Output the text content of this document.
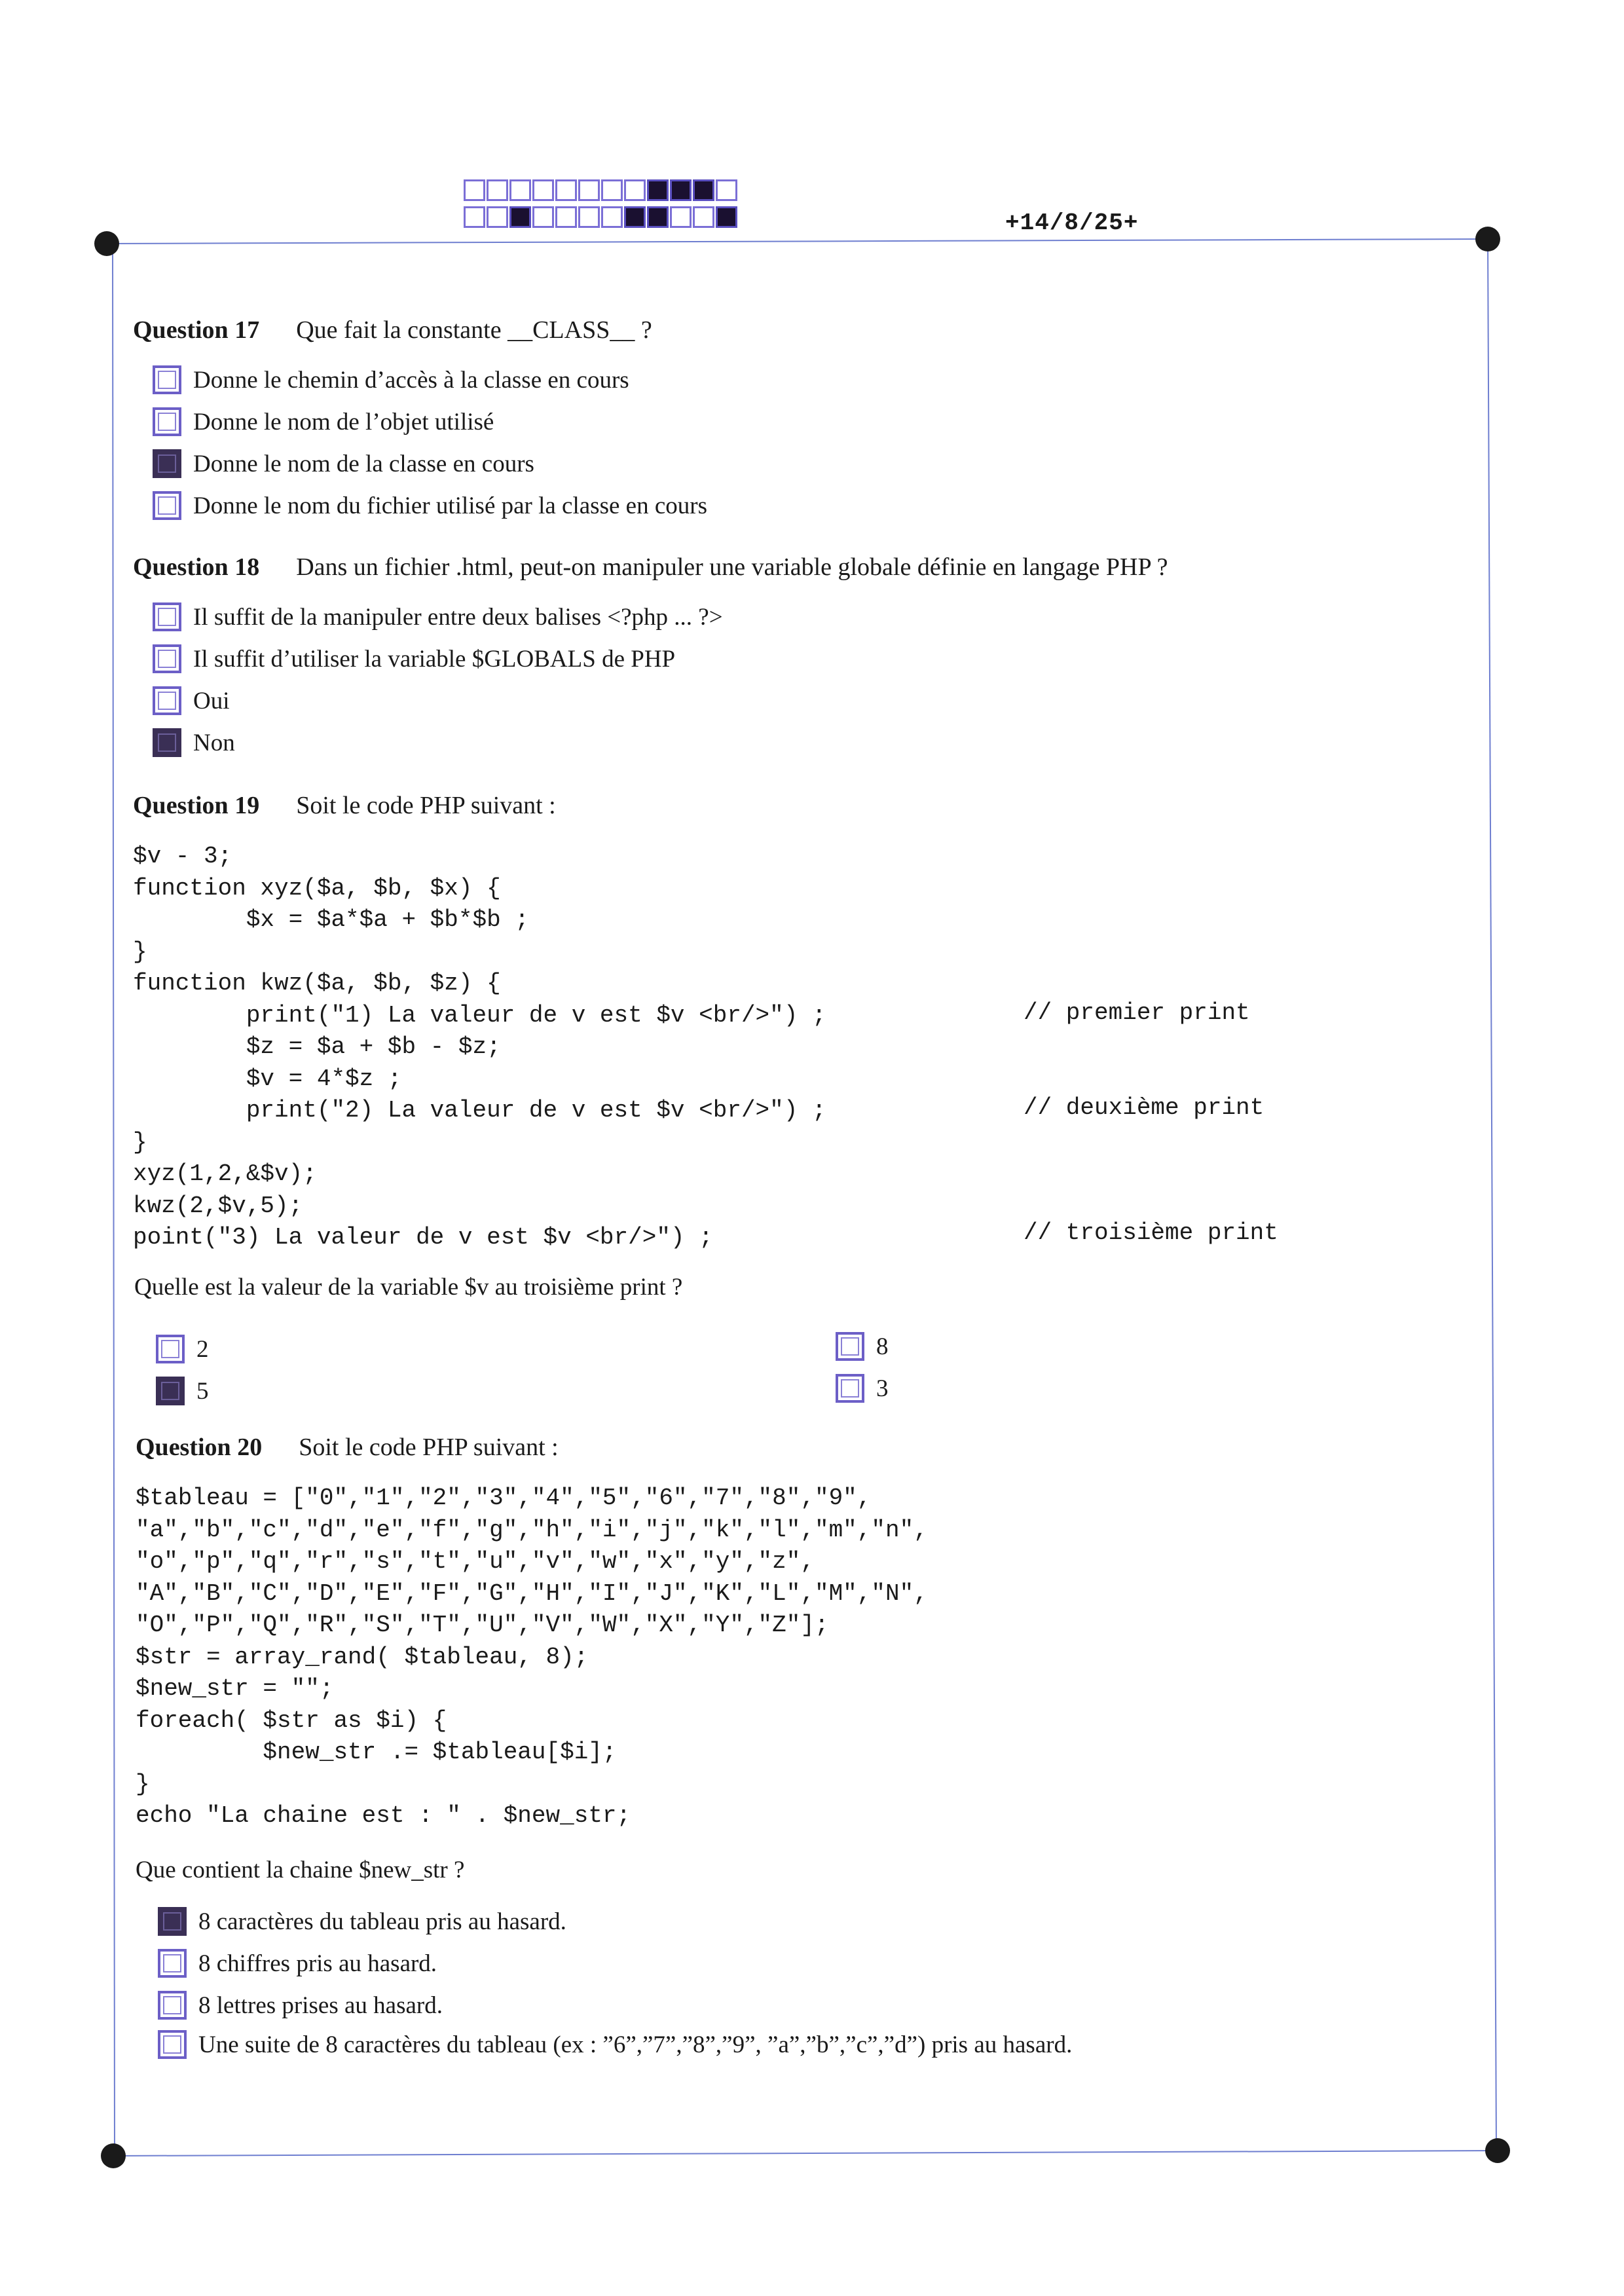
+14/8/25+
Question 17 Que fait la constante __CLASS__ ?
Donne le chemin d’accès à la classe en cours
Donne le nom de l’objet utilisé
Donne le nom de la classe en cours
Donne le nom du fichier utilisé par la classe en cours
Question 18 Dans un fichier .html, peut-on manipuler une variable globale définie en langage PHP ?
Il suffit de la manipuler entre deux balises <?php ... ?>
Il suffit d’utiliser la variable $GLOBALS de PHP
Oui
Non
Question 19 Soit le code PHP suivant :
$v - 3;
function xyz($a, $b, $x) {
$x = $a*$a + $b*$b ;
}
function kwz($a, $b, $z) {
print("1) La valeur de v est $v <br/>") ;
$z = $a + $b - $z;
$v = 4*$z ;
print("2) La valeur de v est $v <br/>") ;
}
xyz(1,2,&$v);
kwz(2,$v,5);
point("3) La valeur de v est $v <br/>") ;
// premier print
// deuxième print
// troisième print
Quelle est la valeur de la variable $v au troisième print ?
2
5
8
3
Question 20 Soit le code PHP suivant :
$tableau = ["0","1","2","3","4","5","6","7","8","9",
"a","b","c","d","e","f","g","h","i","j","k","l","m","n",
"o","p","q","r","s","t","u","v","w","x","y","z",
"A","B","C","D","E","F","G","H","I","J","K","L","M","N",
"O","P","Q","R","S","T","U","V","W","X","Y","Z"];
$str = array_rand( $tableau, 8);
$new_str = "";
foreach( $str as $i) {
$new_str .= $tableau[$i];
}
echo "La chaine est : " . $new_str;
Que contient la chaine $new_str ?
8 caractères du tableau pris au hasard.
8 chiffres pris au hasard.
8 lettres prises au hasard.
Une suite de 8 caractères du tableau (ex : ”6”,”7”,”8”,”9”, ”a”,”b”,”c”,”d”) pris au hasard.
